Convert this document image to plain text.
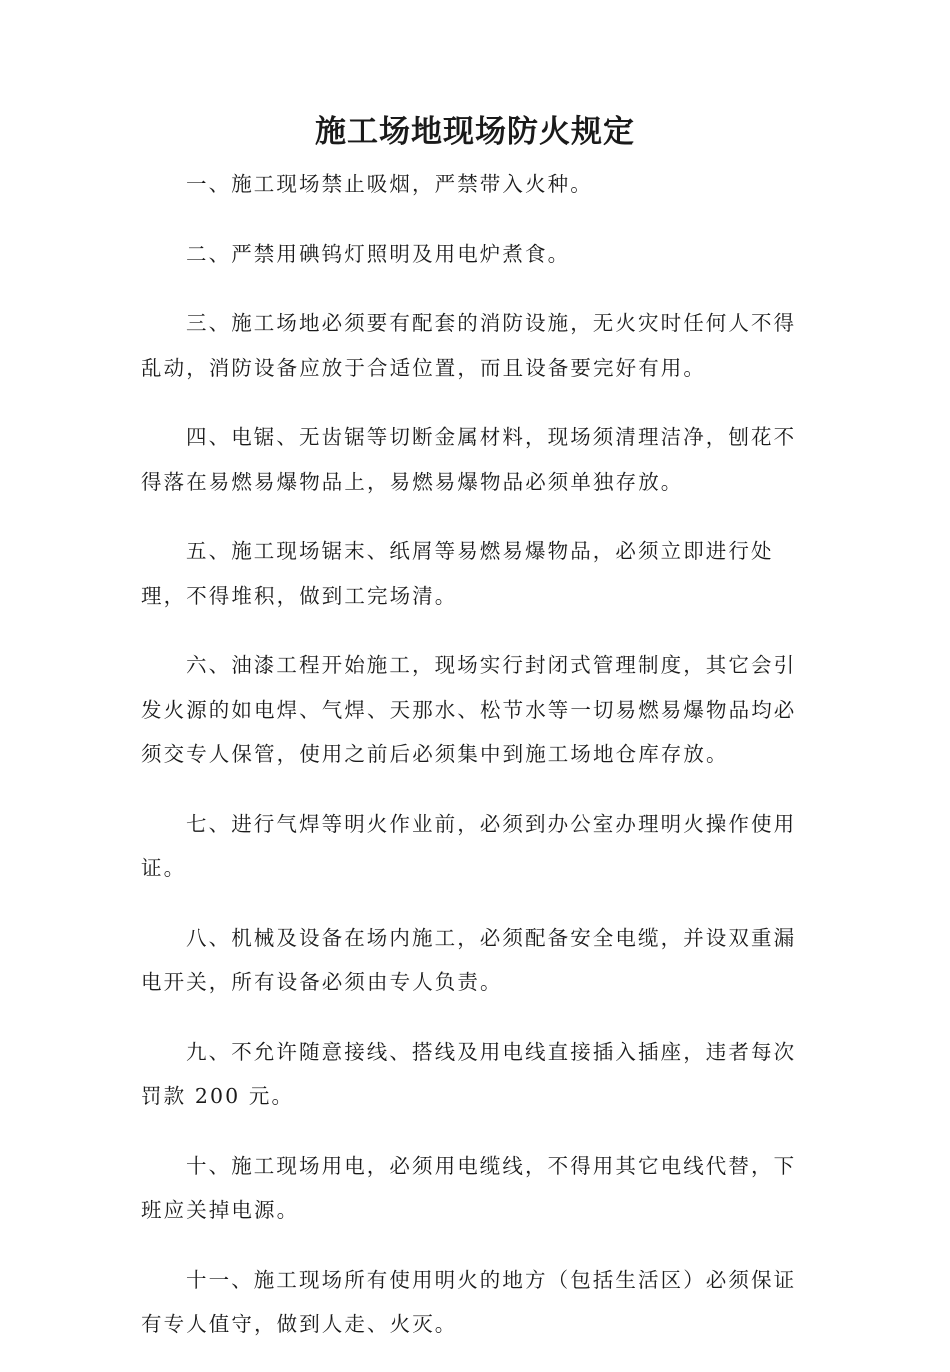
施工场地现场防火规定

一、施工现场禁止吸烟，严禁带入火种。

二、严禁用碘钨灯照明及用电炉煮食。

三、施工场地必须要有配套的消防设施，无火灾时任何人不得乱动，消防设备应放于合适位置，而且设备要完好有用。

四、电锯、无齿锯等切断金属材料，现场须清理洁净，刨花不得落在易燃易爆物品上，易燃易爆物品必须单独存放。

五、施工现场锯末、纸屑等易燃易爆物品，必须立即进行处理，不得堆积，做到工完场清。

六、油漆工程开始施工，现场实行封闭式管理制度，其它会引发火源的如电焊、气焊、天那水、松节水等一切易燃易爆物品均必须交专人保管，使用之前后必须集中到施工场地仓库存放。

七、进行气焊等明火作业前，必须到办公室办理明火操作使用证。

八、机械及设备在场内施工，必须配备安全电缆，并设双重漏电开关，所有设备必须由专人负责。

九、不允许随意接线、搭线及用电线直接插入插座，违者每次罚款 200 元。

十、施工现场用电，必须用电缆线，不得用其它电线代替，下班应关掉电源。

十一、施工现场所有使用明火的地方（包括生活区）必须保证有专人值守，做到人走、火灭。
